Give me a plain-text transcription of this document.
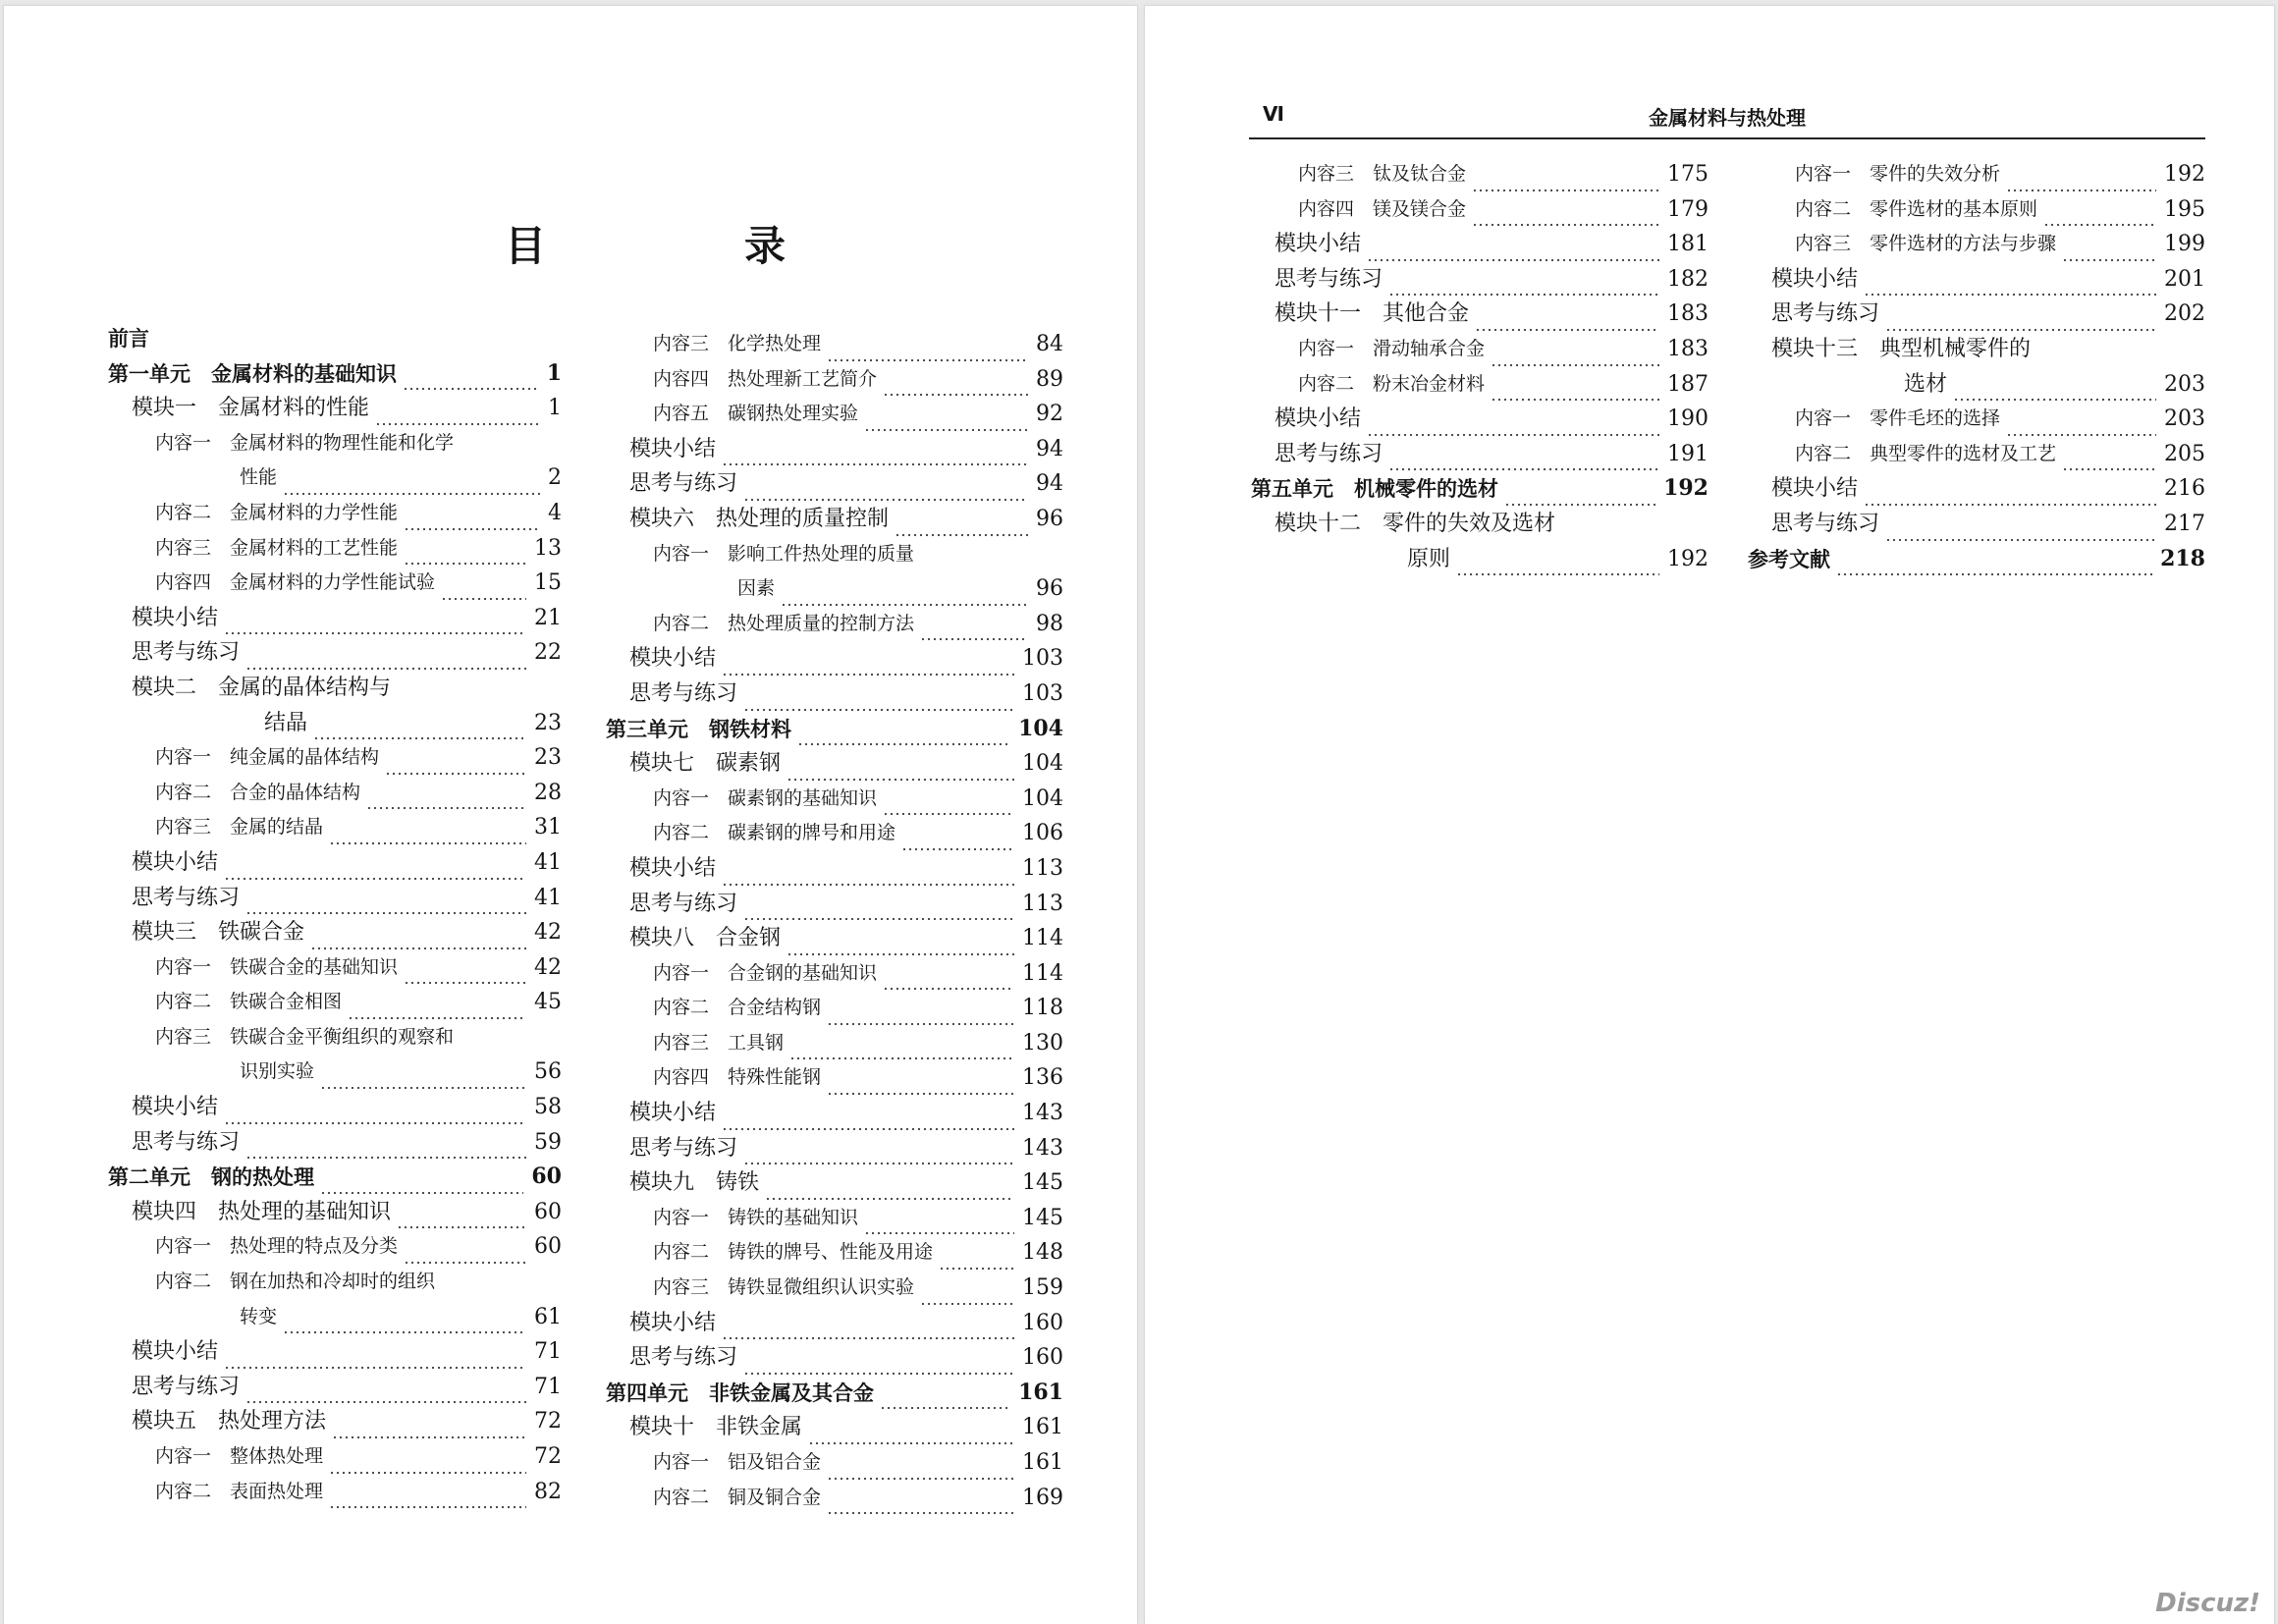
目　录
Ⅵ	金属材料与热处理
前言
第一单元　金属材料的基础知识	1
模块一　金属材料的性能	1
内容一　金属材料的物理性能和化学
性能	2
内容二　金属材料的力学性能	4
内容三　金属材料的工艺性能	13
内容四　金属材料的力学性能试验	15
模块小结	21
思考与练习	22
模块二　金属的晶体结构与
结晶	23
内容一　纯金属的晶体结构	23
内容二　合金的晶体结构	28
内容三　金属的结晶	31
模块小结	41
思考与练习	41
模块三　铁碳合金	42
内容一　铁碳合金的基础知识	42
内容二　铁碳合金相图	45
内容三　铁碳合金平衡组织的观察和
识别实验	56
模块小结	58
思考与练习	59
第二单元　钢的热处理	60
模块四　热处理的基础知识	60
内容一　热处理的特点及分类	60
内容二　钢在加热和冷却时的组织
转变	61
模块小结	71
思考与练习	71
模块五　热处理方法	72
内容一　整体热处理	72
内容二　表面热处理	82
内容三　化学热处理	84
内容四　热处理新工艺简介	89
内容五　碳钢热处理实验	92
模块小结	94
思考与练习	94
模块六　热处理的质量控制	96
内容一　影响工件热处理的质量
因素	96
内容二　热处理质量的控制方法	98
模块小结	103
思考与练习	103
第三单元　钢铁材料	104
模块七　碳素钢	104
内容一　碳素钢的基础知识	104
内容二　碳素钢的牌号和用途	106
模块小结	113
思考与练习	113
模块八　合金钢	114
内容一　合金钢的基础知识	114
内容二　合金结构钢	118
内容三　工具钢	130
内容四　特殊性能钢	136
模块小结	143
思考与练习	143
模块九　铸铁	145
内容一　铸铁的基础知识	145
内容二　铸铁的牌号、性能及用途	148
内容三　铸铁显微组织认识实验	159
模块小结	160
思考与练习	160
第四单元　非铁金属及其合金	161
模块十　非铁金属	161
内容一　铝及铝合金	161
内容二　铜及铜合金	169
内容三　钛及钛合金	175
内容四　镁及镁合金	179
模块小结	181
思考与练习	182
模块十一　其他合金	183
内容一　滑动轴承合金	183
内容二　粉末冶金材料	187
模块小结	190
思考与练习	191
第五单元　机械零件的选材	192
模块十二　零件的失效及选材
原则	192
内容一　零件的失效分析	192
内容二　零件选材的基本原则	195
内容三　零件选材的方法与步骤	199
模块小结	201
思考与练习	202
模块十三　典型机械零件的
选材	203
内容一　零件毛坯的选择	203
内容二　典型零件的选材及工艺	205
模块小结	216
思考与练习	217
参考文献	218
Discuz!
